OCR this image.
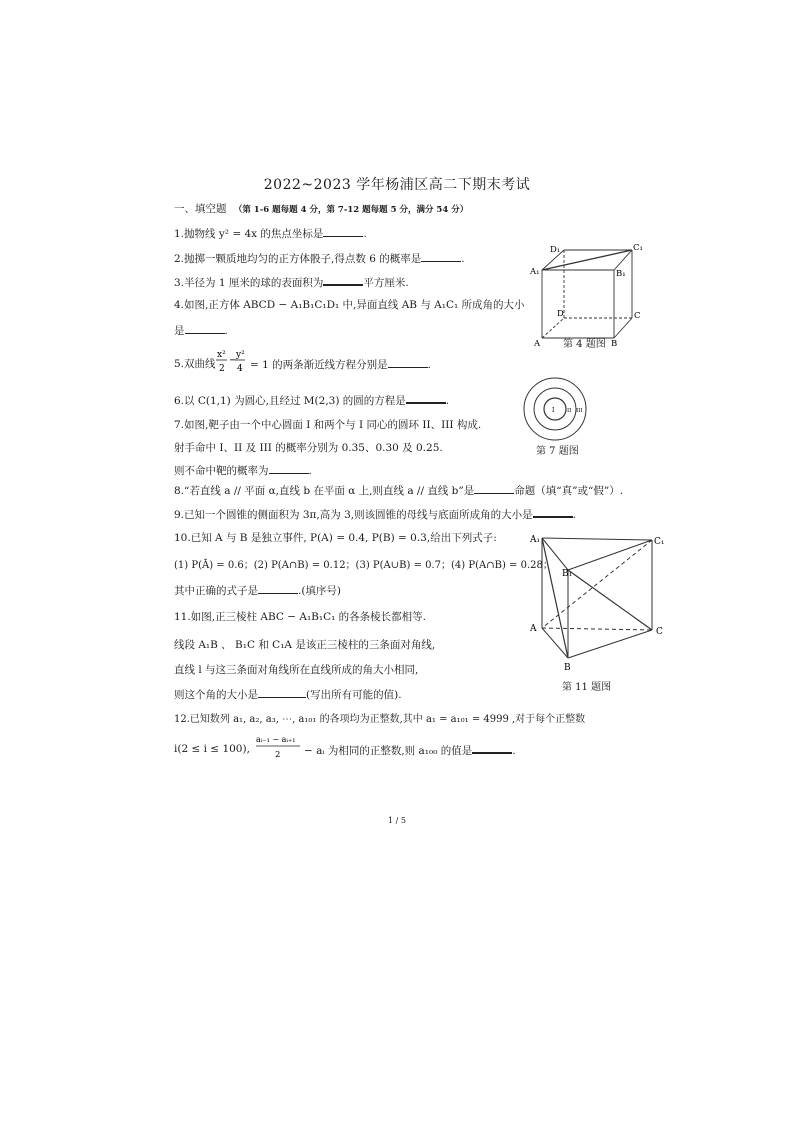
2022~2023 学年杨浦区高二下期末考试
一、填空题 （第 1-6 题每题 4 分，第 7-12 题每题 5 分，满分 54 分）
1.抛物线 y² = 4x 的焦点坐标是	.
2.抛掷一颗质地均匀的正方体骰子,得点数 6 的概率是	.
3.半径为 1 厘米的球的表面积为	平方厘米.
4.如图,正方体 ABCD − A₁B₁C₁D₁ 中,异面直线 AB 与 A₁C₁ 所成角的大小
是	.
5.双曲线
x²
2
−
y²
4 = 1 的两条渐近线方程分别是	.
6.以 C(1,1) 为圆心,且经过 M(2,3) 的圆的方程是	.
7.如图,靶子由一个中心圆面 I 和两个与 I 同心的圆环 II、III 构成.
射手命中 I、II 及 III 的概率分别为 0.35、0.30 及 0.25.
则不命中靶的概率为	.
8.“若直线 a // 平面 α,直线 b 在平面 α 上,则直线 a // 直线 b”是	命题（填“真”或“假”）.
9.已知一个圆锥的侧面积为 3π,高为 3,则该圆锥的母线与底面所成角的大小是	.
10.已知 A 与 B 是独立事件, P(A) = 0.4, P(B) = 0.3,给出下列式子:
(1) P(Ā) = 0.6；(2) P(A∩B) = 0.12；(3) P(A∪B) = 0.7；(4) P(A∩B) = 0.28；
其中正确的式子是	.(填序号)
11.如图,正三棱柱 ABC − A₁B₁C₁ 的各条棱长都相等.
线段 A₁B 、 B₁C 和 C₁A 是该正三棱柱的三条面对角线,
直线 l 与这三条面对角线所在直线所成的角大小相同,
则这个角的大小是	(写出所有可能的值).
12.已知数列 a₁, a₂, a₃, ⋯, a₁₀₁ 的各项均为正整数,其中 a₁ = a₁₀₁ = 4999 ,对于每个正整数
i(2 ≤ i ≤ 100),
aᵢ₋₁ − aᵢ₊₁
2 − aᵢ 为相同的正整数,则 a₁₀₀ 的值是	.
D₁	C₁
A₁	B₁
D	C
A	B
第 4 题图
I II III
第 7 题图
A₁	C₁
B₁
A	C
B
第 11 题图
1 / 5
